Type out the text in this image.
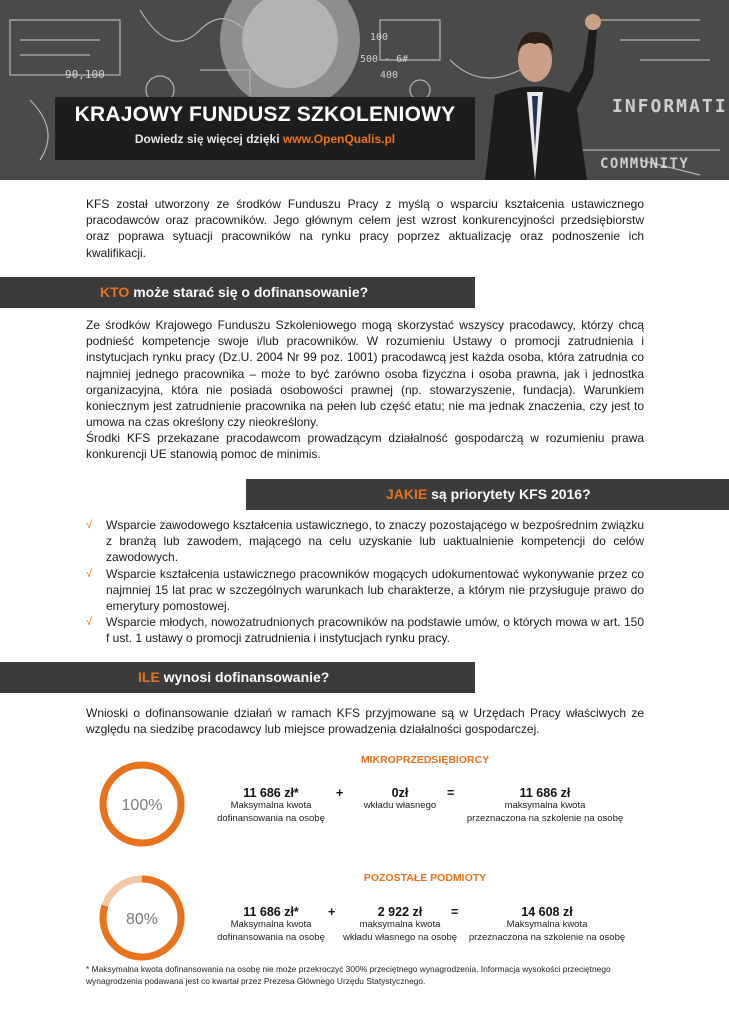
INFORMATI
COMMUNITY
90,100
500 - 6#
100
400
KRAJOWY FUNDUSZ SZKOLENIOWY
Dowiedz się więcej dzięki www.OpenQualis.pl
KFS został utworzony ze środków Funduszu Pracy z myślą o wsparciu kształcenia ustawicznego pracodawców oraz pracowników. Jego głównym celem jest wzrost konkurencyjności przedsiębiorstw oraz poprawa sytuacji pracowników na rynku pracy poprzez aktualizację oraz podnoszenie ich kwalifikacji.
KTO może starać się o dofinansowanie?
Ze środków Krajowego Funduszu Szkoleniowego mogą skorzystać wszyscy pracodawcy, którzy chcą podnieść kompetencje swoje i/lub pracowników. W rozumieniu Ustawy o promocji zatrudnienia i instytucjach rynku pracy (Dz.U. 2004 Nr 99 poz. 1001) pracodawcą jest każda osoba, która zatrudnia co najmniej jednego pracownika – może to być zarówno osoba fizyczna i osoba prawna, jak i jednostka organizacyjna, która nie posiada osobowości prawnej (np. stowarzyszenie, fundacja). Warunkiem koniecznym jest zatrudnienie pracownika na pełen lub część etatu; nie ma jednak znaczenia, czy jest to umowa na czas określony czy nieokreślony.
Środki KFS przekazane pracodawcom prowadzącym działalność gospodarczą w rozumieniu prawa konkurencji UE stanowią pomoc de minimis.
JAKIE są priorytety KFS 2016?
√ Wsparcie zawodowego kształcenia ustawicznego, to znaczy pozostającego w bezpośrednim związku z branżą lub zawodem, mającego na celu uzyskanie lub uaktualnienie kompetencji do celów zawodowych.
√ Wsparcie kształcenia ustawicznego pracowników mogących udokumentować wykonywanie przez co najmniej 15 lat prac w szczególnych warunkach lub charakterze, a którym nie przysługuje prawo do emerytury pomostowej.
√ Wsparcie młodych, nowozatrudnionych pracowników na podstawie umów, o których mowa w art. 150 f ust. 1 ustawy o promocji zatrudnienia i instytucjach rynku pracy.
ILE wynosi dofinansowanie?
Wnioski o dofinansowanie działań w ramach KFS przyjmowane są w Urzędach Pracy właściwych ze względu na siedzibę pracodawcy lub miejsce prowadzenia działalności gospodarczej.
MIKROPRZEDSIĘBIORCY
100%
11 686 zł*
Maksymalna kwota
dofinansowania na osobę
+	0zł
wkładu własnego
=	11 686 zł
maksymalna kwota
przeznaczona na szkolenie na osobę
POZOSTAŁE PODMIOTY
80%	11 686 zł*
Maksymalna kwota
dofinansowania na osobę
+	2 922 zł
maksymalna kwota
wkładu własnego na osobę
=	14 608 zł
Maksymalna kwota
przeznaczona na szkolenie na osobę
* Maksymalna kwota dofinansowania na osobę nie może przekroczyć 300% przeciętnego wynagrodzenia. Informacja wysokości przeciętnego wynagrodzenia podawana jest co kwartał przez Prezesa Głównego Urzędu Statystycznego.
